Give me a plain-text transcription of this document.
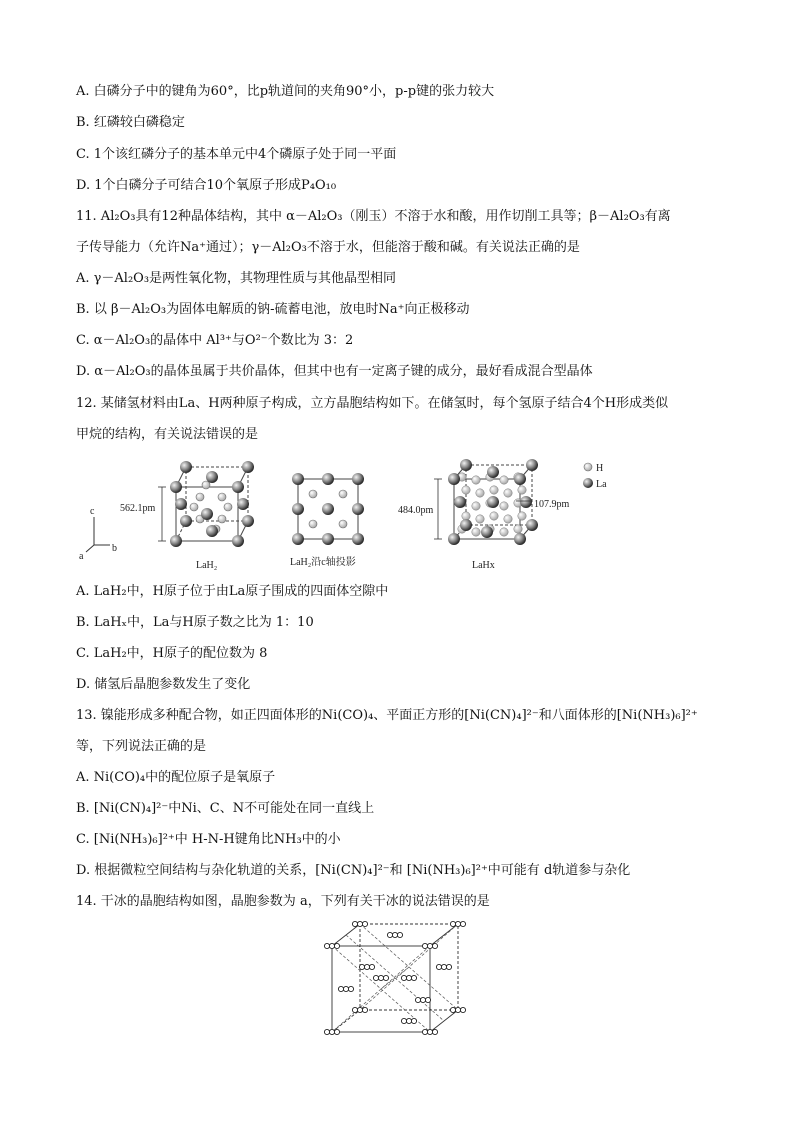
A. 白磷分子中的键角为60°，比p轨道间的夹角90°小，p-p键的张力较大
B. 红磷较白磷稳定
C. 1个该红磷分子的基本单元中4个磷原子处于同一平面
D. 1个白磷分子可结合10个氧原子形成P₄O₁₀
11. Al₂O₃具有12种晶体结构，其中 α－Al₂O₃（刚玉）不溶于水和酸，用作切削工具等；β－Al₂O₃有离
子传导能力（允许Na⁺通过）；γ－Al₂O₃不溶于水，但能溶于酸和碱。有关说法正确的是
A. γ－Al₂O₃是两性氧化物，其物理性质与其他晶型相同
B. 以 β－Al₂O₃为固体电解质的钠-硫蓄电池，放电时Na⁺向正极移动
C. α－Al₂O₃的晶体中 Al³⁺与O²⁻个数比为 3：2
D. α－Al₂O₃的晶体虽属于共价晶体，但其中也有一定离子键的成分，最好看成混合型晶体
12. 某储氢材料由La、H两种原子构成，立方晶胞结构如下。在储氢时，每个氢原子结合4个H形成类似
甲烷的结构，有关说法错误的是
c
b
a
562.1pm
LaH₂	LaH₂沿c轴投影
484.0pm
107.9pm
LaHx
H
La
A. LaH₂中，H原子位于由La原子围成的四面体空隙中
B. LaHₓ中，La与H原子数之比为 1：10
C. LaH₂中，H原子的配位数为 8
D. 储氢后晶胞参数发生了变化
13. 镍能形成多种配合物，如正四面体形的Ni(CO)₄、平面正方形的[Ni(CN)₄]²⁻和八面体形的[Ni(NH₃)₆]²⁺
等，下列说法正确的是
A. Ni(CO)₄中的配位原子是氧原子
B. [Ni(CN)₄]²⁻中Ni、C、N不可能处在同一直线上
C. [Ni(NH₃)₆]²⁺中 H-N-H键角比NH₃中的小
D. 根据微粒空间结构与杂化轨道的关系，[Ni(CN)₄]²⁻和 [Ni(NH₃)₆]²⁺中可能有 d轨道参与杂化
14. 干冰的晶胞结构如图，晶胞参数为 a，下列有关干冰的说法错误的是
